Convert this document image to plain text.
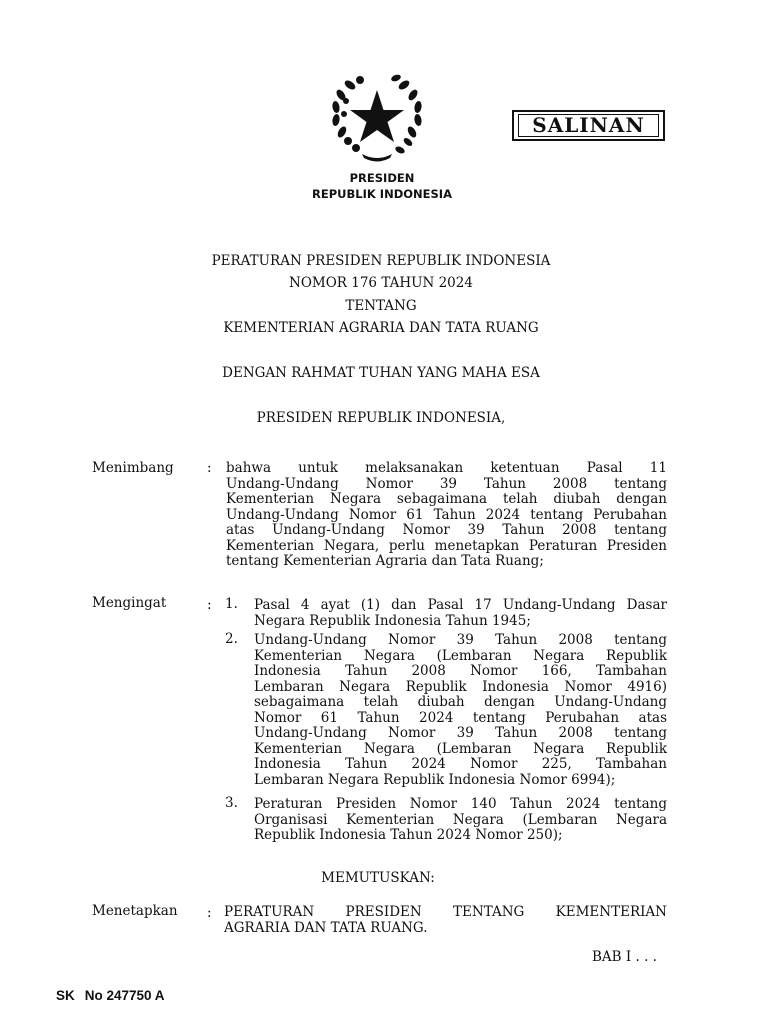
SALINAN
PRESIDEN
REPUBLIK INDONESIA
PERATURAN PRESIDEN REPUBLIK INDONESIA
NOMOR 176 TAHUN 2024
TENTANG
KEMENTERIAN AGRARIA DAN TATA RUANG
DENGAN RAHMAT TUHAN YANG MAHA ESA
PRESIDEN REPUBLIK INDONESIA,
Menimbang : bahwa untuk melaksanakan ketentuan Pasal 11
Undang-Undang Nomor 39 Tahun 2008 tentang
Kementerian Negara sebagaimana telah diubah dengan
Undang-Undang Nomor 61 Tahun 2024 tentang Perubahan
atas Undang-Undang Nomor 39 Tahun 2008 tentang
Kementerian Negara, perlu menetapkan Peraturan Presiden
tentang Kementerian Agraria dan Tata Ruang;
Mengingat	: 1. Pasal 4 ayat (1) dan Pasal 17 Undang-Undang Dasar
Negara Republik Indonesia Tahun 1945;
2. Undang-Undang Nomor 39 Tahun 2008 tentang
Kementerian Negara (Lembaran Negara Republik
Indonesia Tahun 2008 Nomor 166, Tambahan
Lembaran Negara Republik Indonesia Nomor 4916)
sebagaimana telah diubah dengan Undang-Undang
Nomor 61 Tahun 2024 tentang Perubahan atas
Undang-Undang Nomor 39 Tahun 2008 tentang
Kementerian Negara (Lembaran Negara Republik
Indonesia Tahun 2024 Nomor 225, Tambahan
Lembaran Negara Republik Indonesia Nomor 6994);
3. Peraturan Presiden Nomor 140 Tahun 2024 tentang
Organisasi Kementerian Negara (Lembaran Negara
Republik Indonesia Tahun 2024 Nomor 250);
MEMUTUSKAN:
Menetapkan : PERATURAN PRESIDEN TENTANG KEMENTERIAN
AGRARIA DAN TATA RUANG.
BAB I . . .
SK No 247750 A
